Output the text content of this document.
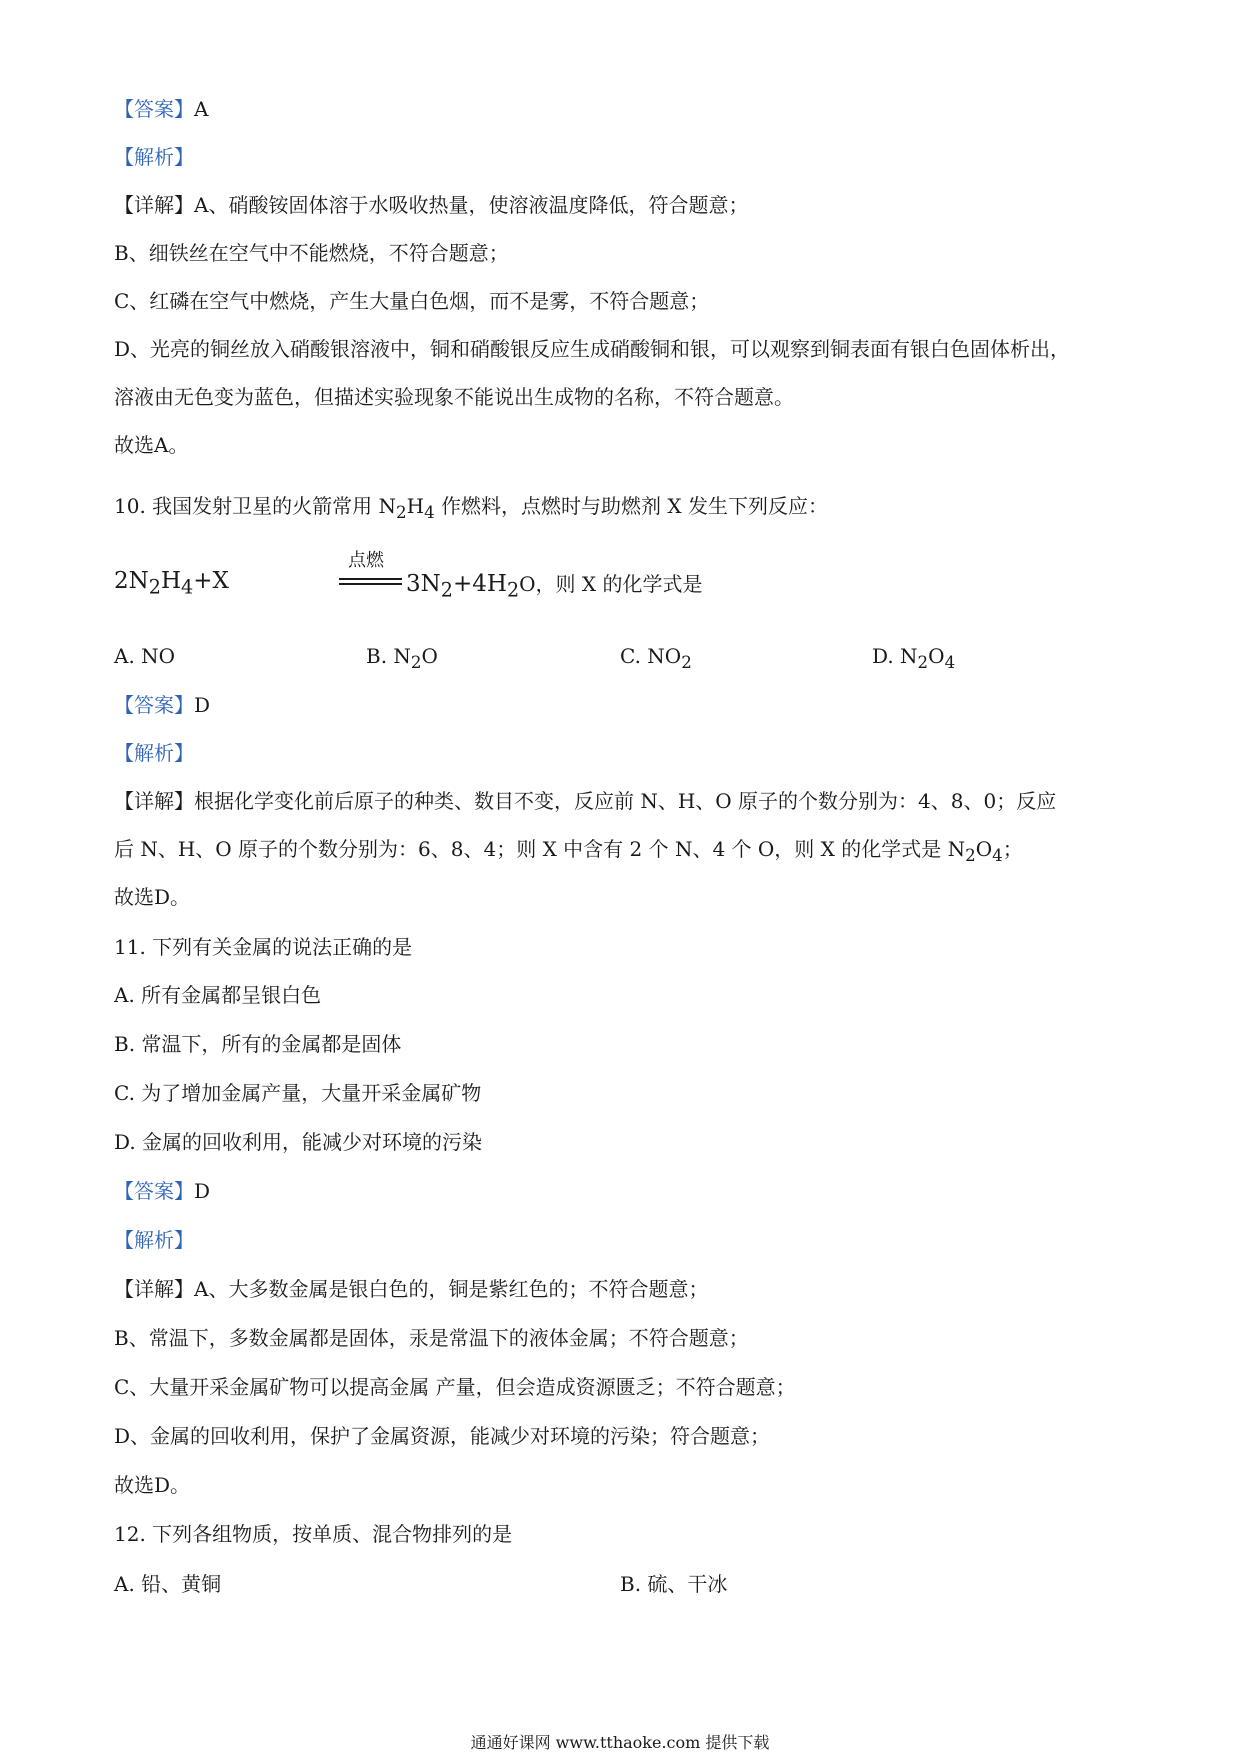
【答案】A
【解析】
【详解】A、硝酸铵固体溶于水吸收热量，使溶液温度降低，符合题意；
B、细铁丝在空气中不能燃烧，不符合题意；
C、红磷在空气中燃烧，产生大量白色烟，而不是雾，不符合题意；
D、光亮的铜丝放入硝酸银溶液中，铜和硝酸银反应生成硝酸铜和银，可以观察到铜表面有银白色固体析出，
溶液由无色变为蓝色，但描述实验现象不能说出生成物的名称，不符合题意。
故选A。
10. 我国发射卫星的火箭常用 $N_2H_4$ 作燃料，点燃时与助燃剂 X 发生下列反应：
$2N_2H_4+X$
点燃
$3N_2+4H_2O$，则 X 的化学式是
A. NO	B. $N_2O$	C. $NO_2$	D. $N_2O_4$
【答案】D
【解析】
【详解】根据化学变化前后原子的种类、数目不变，反应前 N、H、O 原子的个数分别为：4、8、0；反应
后 N、H、O 原子的个数分别为：6、8、4；则 X 中含有 2 个 N、4 个 O，则 X 的化学式是 $N_2O_4$；
故选D。
11. 下列有关金属的说法正确的是
A. 所有金属都呈银白色
B. 常温下，所有的金属都是固体
C. 为了增加金属产量，大量开采金属矿物
D. 金属的回收利用，能减少对环境的污染
【答案】D
【解析】
【详解】A、大多数金属是银白色的，铜是紫红色的；不符合题意；
B、常温下，多数金属都是固体，汞是常温下的液体金属；不符合题意；
C、大量开采金属矿物可以提高金属 产量，但会造成资源匮乏；不符合题意；
D、金属的回收利用，保护了金属资源，能减少对环境的污染；符合题意；
故选D。
12. 下列各组物质，按单质、混合物排列的是
A. 铅、黄铜	B. 硫、干冰
通通好课网 www.tthaoke.com 提供下载
